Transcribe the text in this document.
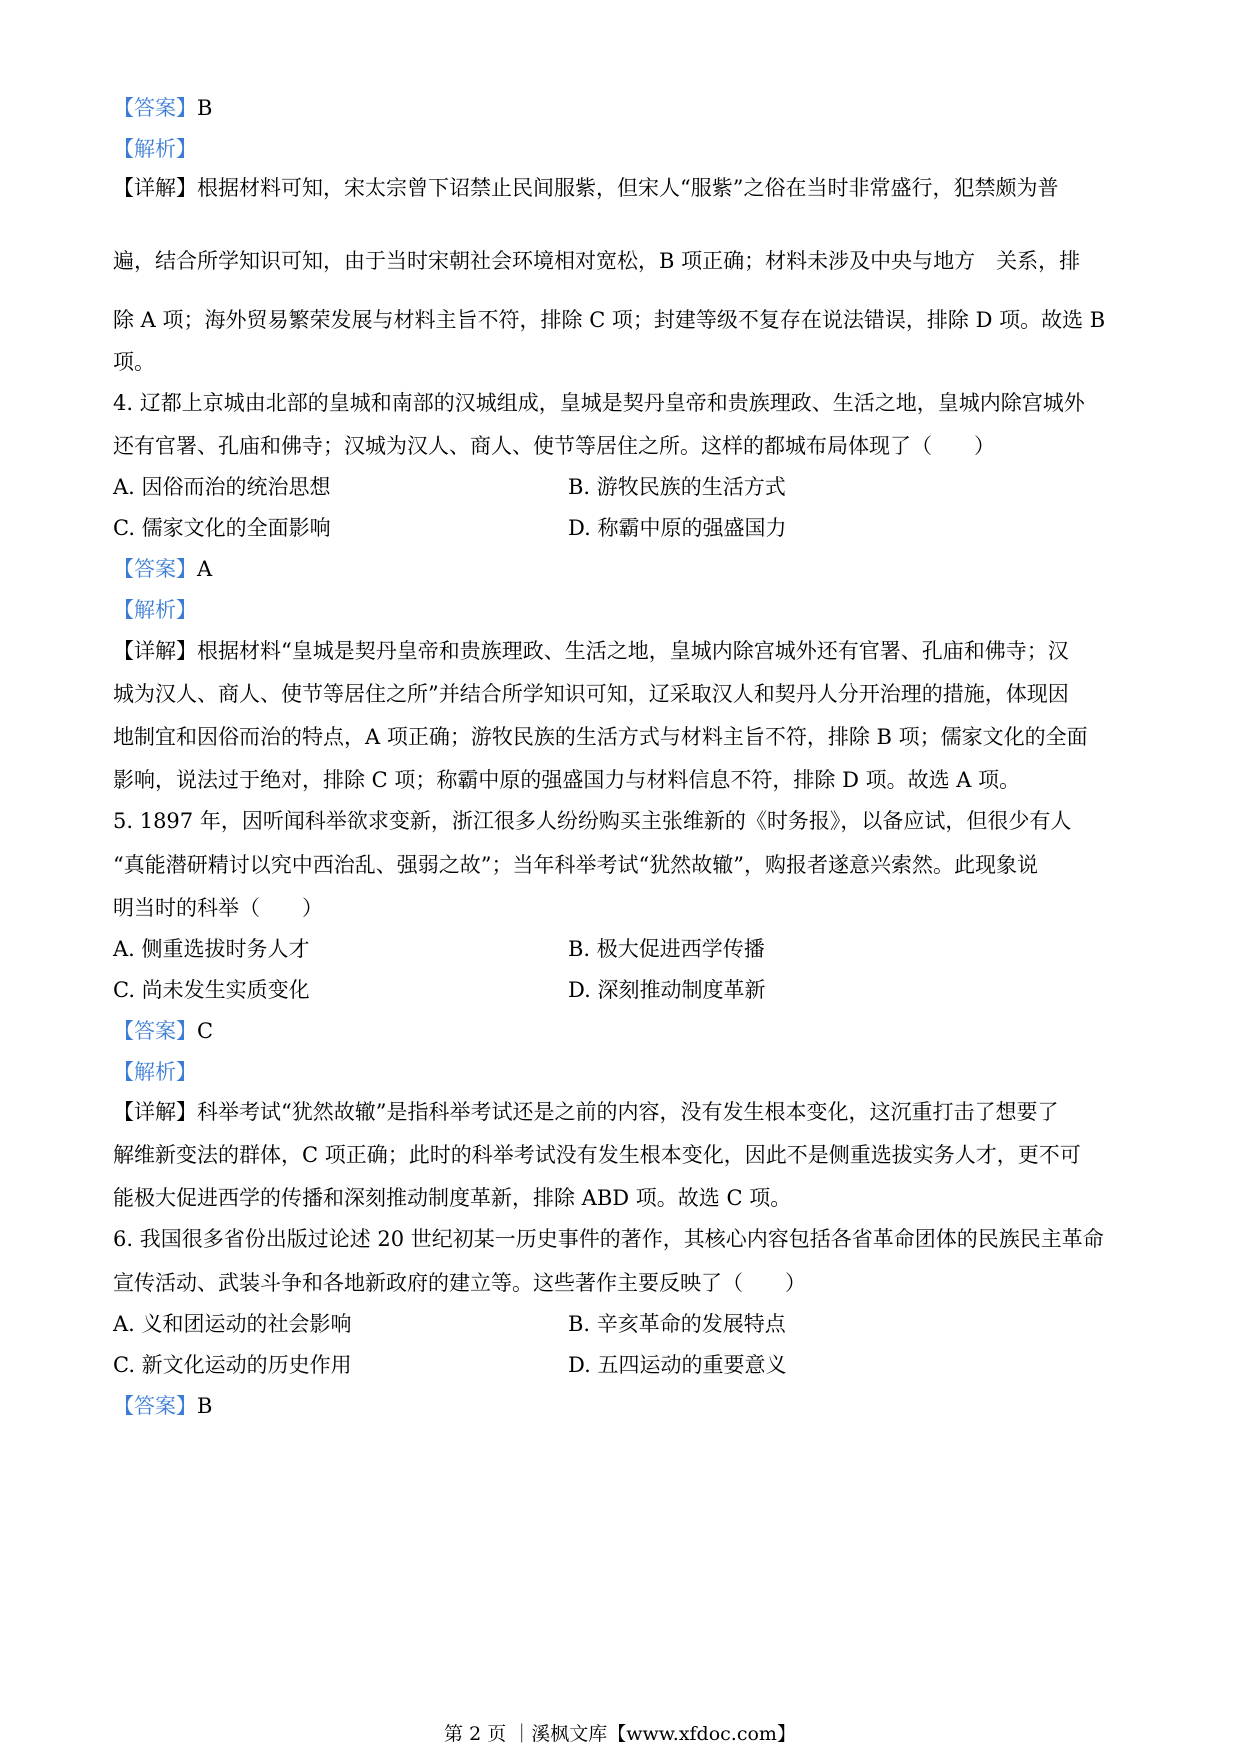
【答案】B
【解析】
【详解】根据材料可知，宋太宗曾下诏禁止民间服紫，但宋人“服紫”之俗在当时非常盛行，犯禁颇为普
遍，结合所学知识可知，由于当时宋朝社会环境相对宽松，B 项正确；材料未涉及中央与地方　关系，排
除 A 项；海外贸易繁荣发展与材料主旨不符，排除 C 项；封建等级不复存在说法错误，排除 D 项。故选 B
项。
4. 辽都上京城由北部的皇城和南部的汉城组成，皇城是契丹皇帝和贵族理政、生活之地，皇城内除宫城外
还有官署、孔庙和佛寺；汉城为汉人、商人、使节等居住之所。这样的都城布局体现了（　　）
A. 因俗而治的统治思想	B. 游牧民族的生活方式
C. 儒家文化的全面影响	D. 称霸中原的强盛国力
【答案】A
【解析】
【详解】根据材料“皇城是契丹皇帝和贵族理政、生活之地，皇城内除宫城外还有官署、孔庙和佛寺；汉
城为汉人、商人、使节等居住之所”并结合所学知识可知，辽采取汉人和契丹人分开治理的措施，体现因
地制宜和因俗而治的特点，A 项正确；游牧民族的生活方式与材料主旨不符，排除 B 项；儒家文化的全面
影响，说法过于绝对，排除 C 项；称霸中原的强盛国力与材料信息不符，排除 D 项。故选 A 项。
5. 1897 年，因听闻科举欲求变新，浙江很多人纷纷购买主张维新的《时务报》，以备应试，但很少有人
“真能潜研精讨以究中西治乱、强弱之故”；当年科举考试“犹然故辙”，购报者遂意兴索然。此现象说
明当时的科举（　　）
A. 侧重选拔时务人才	B. 极大促进西学传播
C. 尚未发生实质变化	D. 深刻推动制度革新
【答案】C
【解析】
【详解】科举考试“犹然故辙”是指科举考试还是之前的内容，没有发生根本变化，这沉重打击了想要了
解维新变法的群体，C 项正确；此时的科举考试没有发生根本变化，因此不是侧重选拔实务人才，更不可
能极大促进西学的传播和深刻推动制度革新，排除 ABD 项。故选 C 项。
6. 我国很多省份出版过论述 20 世纪初某一历史事件的著作，其核心内容包括各省革命团体的民族民主革命
宣传活动、武装斗争和各地新政府的建立等。这些著作主要反映了（　　）
A. 义和团运动的社会影响	B. 辛亥革命的发展特点
C. 新文化运动的历史作用	D. 五四运动的重要意义
【答案】B
第 2 页 ｜溪枫文库【www.xfdoc.com】
